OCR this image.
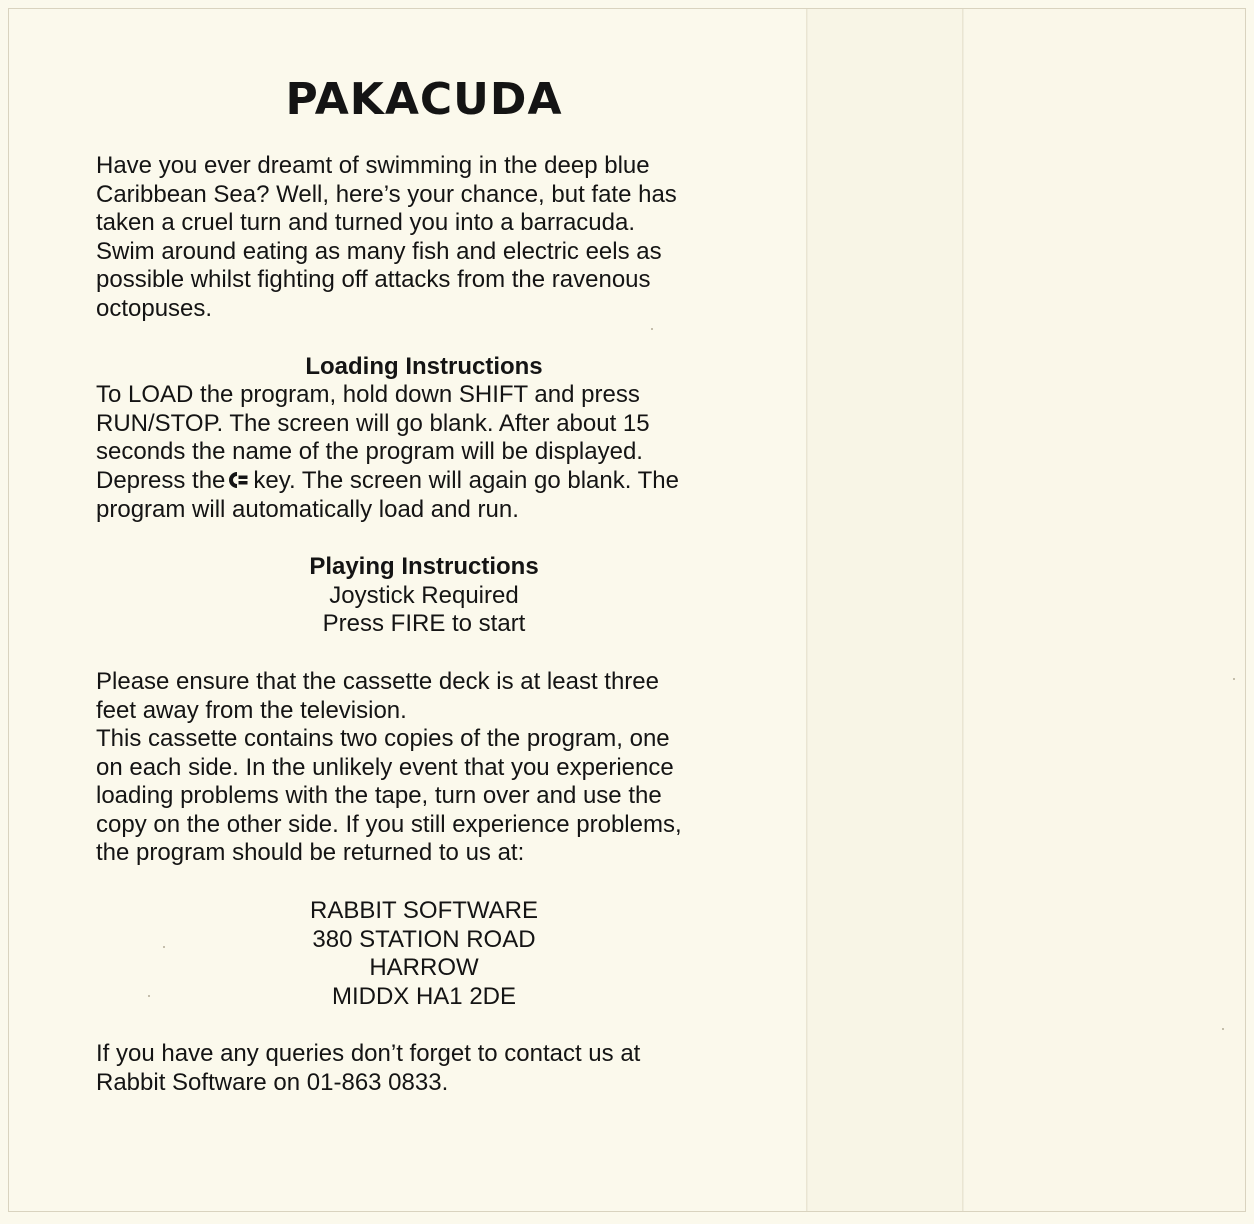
PAKACUDA

Have you ever dreamt of swimming in the deep blue

Caribbean Sea? Well, here’s your chance, but fate has

taken a cruel turn and turned you into a barracuda.

Swim around eating as many fish and electric eels as

possible whilst fighting off attacks from the ravenous

octopuses.

Loading Instructions

To LOAD the program, hold down SHIFT and press

RUN/STOP. The screen will go blank. After about 15

seconds the name of the program will be displayed.

Depress the key. The screen will again go blank. The

program will automatically load and run.

Playing Instructions

Joystick Required

Press FIRE to start

Please ensure that the cassette deck is at least three

feet away from the television.

This cassette contains two copies of the program, one

on each side. In the unlikely event that you experience

loading problems with the tape, turn over and use the

copy on the other side. If you still experience problems,

the program should be returned to us at:

RABBIT SOFTWARE

380 STATION ROAD

HARROW

MIDDX HA1 2DE

If you have any queries don’t forget to contact us at

Rabbit Software on 01-863 0833.
